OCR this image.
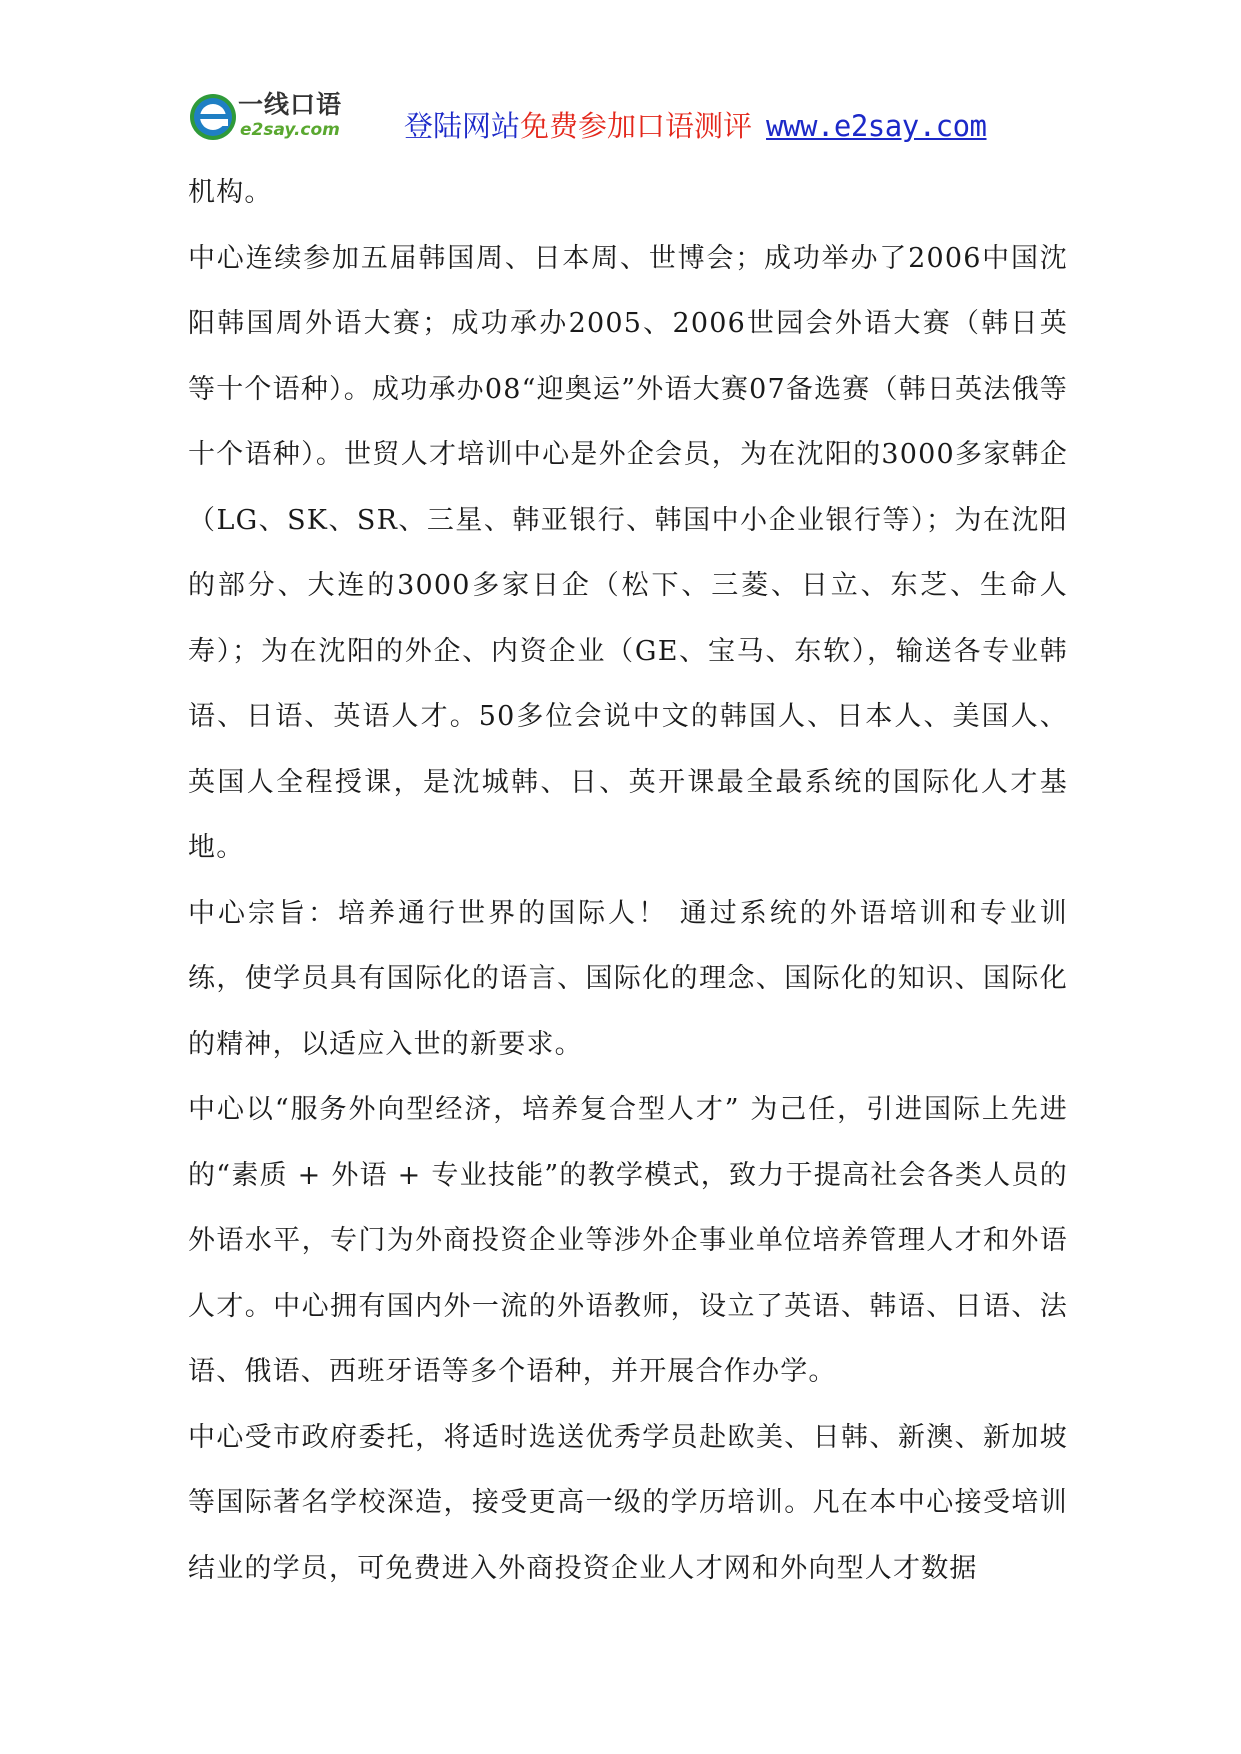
一线口语
e2say.com 登陆网站免费参加口语测评 www.e2say.com

机构。

中心连续参加五届韩国周、日本周、世博会；成功举办了2006中国沈阳韩国周外语大赛；成功承办2005、2006世园会外语大赛（韩日英等十个语种）。成功承办08“迎奥运”外语大赛07备选赛（韩日英法俄等十个语种）。世贸人才培训中心是外企会员，为在沈阳的3000多家韩企（LG、SK、SR、三星、韩亚银行、韩国中小企业银行等）；为在沈阳的部分、大连的3000多家日企（松下、三菱、日立、东芝、生命人寿）；为在沈阳的外企、内资企业（GE、宝马、东软），输送各专业韩语、日语、英语人才。50多位会说中文的韩国人、日本人、美国人、英国人全程授课，是沈城韩、日、英开课最全最系统的国际化人才基地。

中心宗旨：培养通行世界的国际人！ 通过系统的外语培训和专业训练，使学员具有国际化的语言、国际化的理念、国际化的知识、国际化的精神，以适应入世的新要求。

中心以“服务外向型经济，培养复合型人才” 为己任，引进国际上先进的“素质 + 外语 + 专业技能”的教学模式，致力于提高社会各类人员的外语水平，专门为外商投资企业等涉外企事业单位培养管理人才和外语人才。中心拥有国内外一流的外语教师，设立了英语、韩语、日语、法语、俄语、西班牙语等多个语种，并开展合作办学。

中心受市政府委托，将适时选送优秀学员赴欧美、日韩、新澳、新加坡等国际著名学校深造，接受更高一级的学历培训。凡在本中心接受培训结业的学员，可免费进入外商投资企业人才网和外向型人才数据
